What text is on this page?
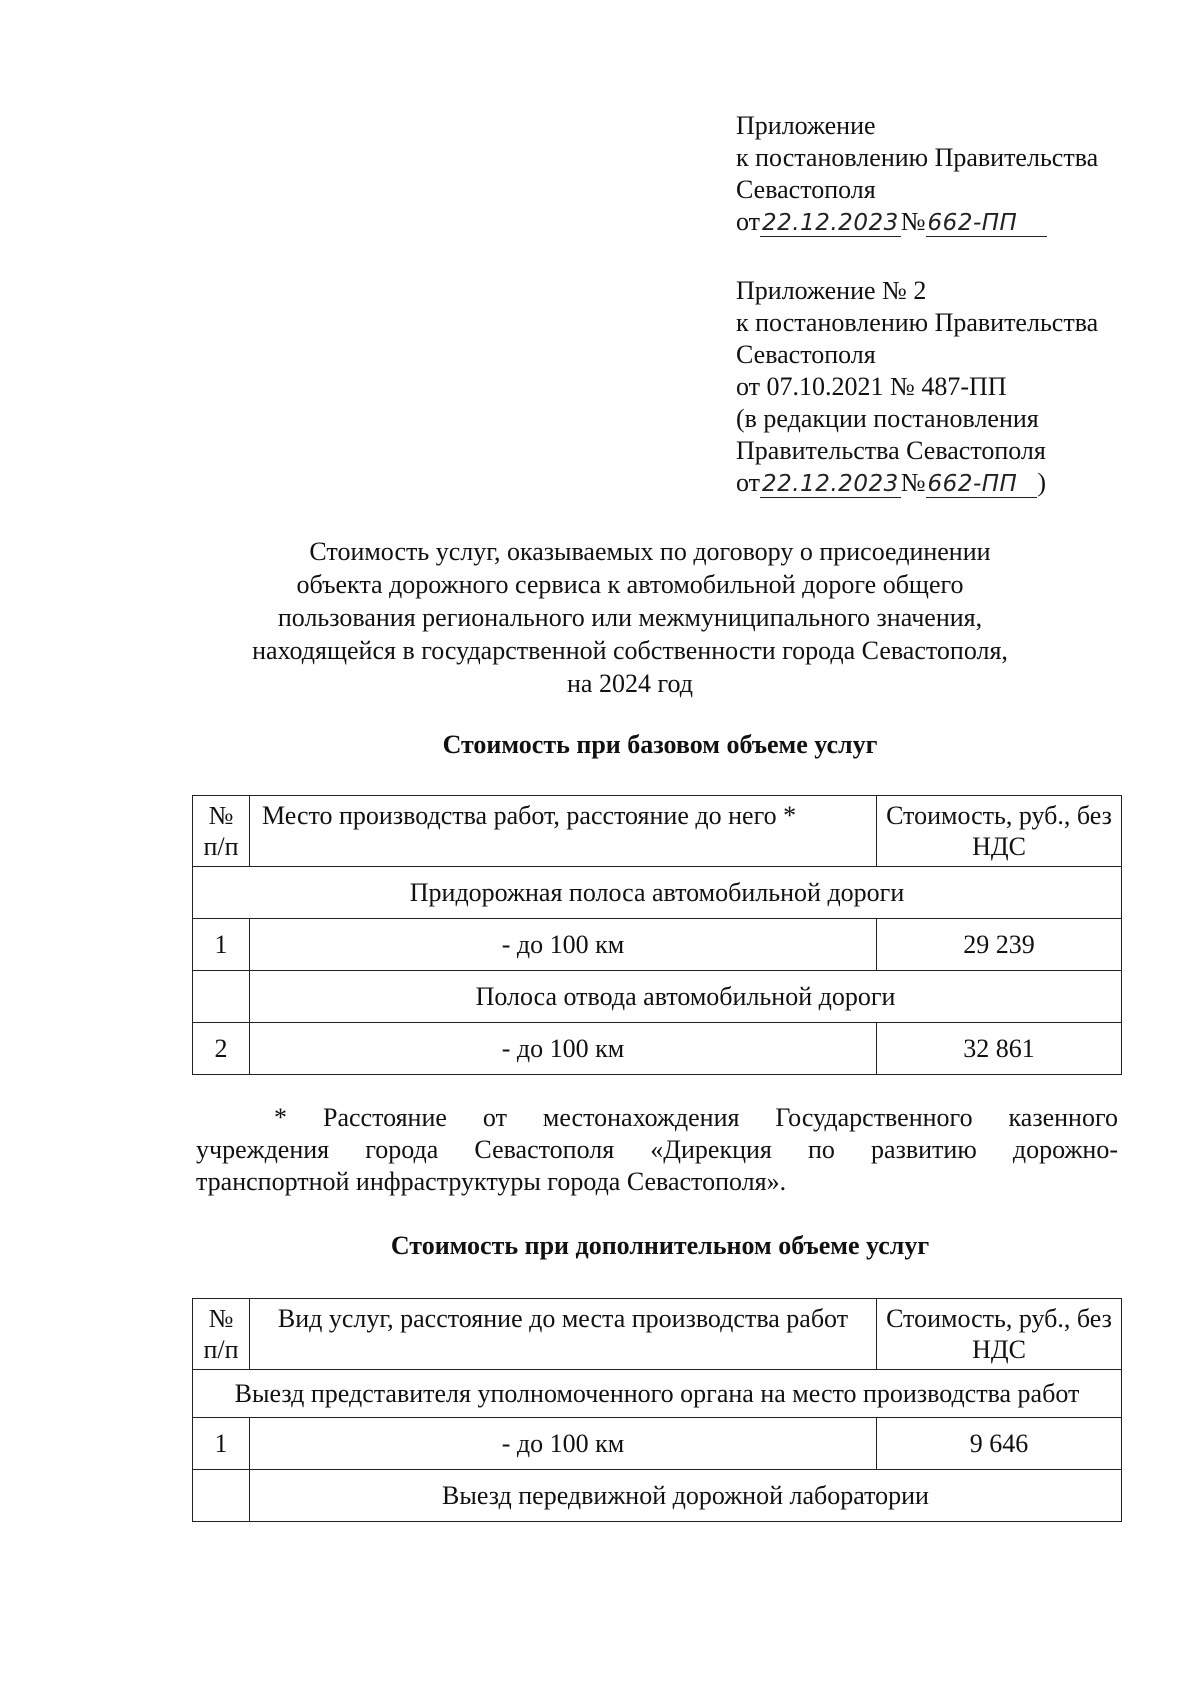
Приложение
к постановлению Правительства
Севастополя
от22.12.2023№662-ПП
Приложение № 2
к постановлению Правительства
Севастополя
от 07.10.2021 № 487-ПП
(в редакции постановления
Правительства Севастополя
от22.12.2023№662-ПП )
Стоимость услуг, оказываемых по договору о присоединении
объекта дорожного сервиса к автомобильной дороге общего
пользования регионального или межмуниципального значения,
находящейся в государственной собственности города Севастополя,
на 2024 год
Стоимость при базовом объеме услуг
№ п/п	Место производства работ, расстояние до него *	Стоимость, руб., без НДС
Придорожная полоса автомобильной дороги		
1	- до 100 км	29 239
	Полоса отвода автомобильной дороги	
2	- до 100 км	32 861
* Расстояние от местонахождения Государственного казенного
учреждения города Севастополя «Дирекция по развитию дорожно-
транспортной инфраструктуры города Севастополя».
Стоимость при дополнительном объеме услуг
№ п/п	Вид услуг, расстояние до места производства работ	Стоимость, руб., без НДС
Выезд представителя уполномоченного органа на место производства работ		
1	- до 100 км	9 646
	Выезд передвижной дорожной лаборатории	
